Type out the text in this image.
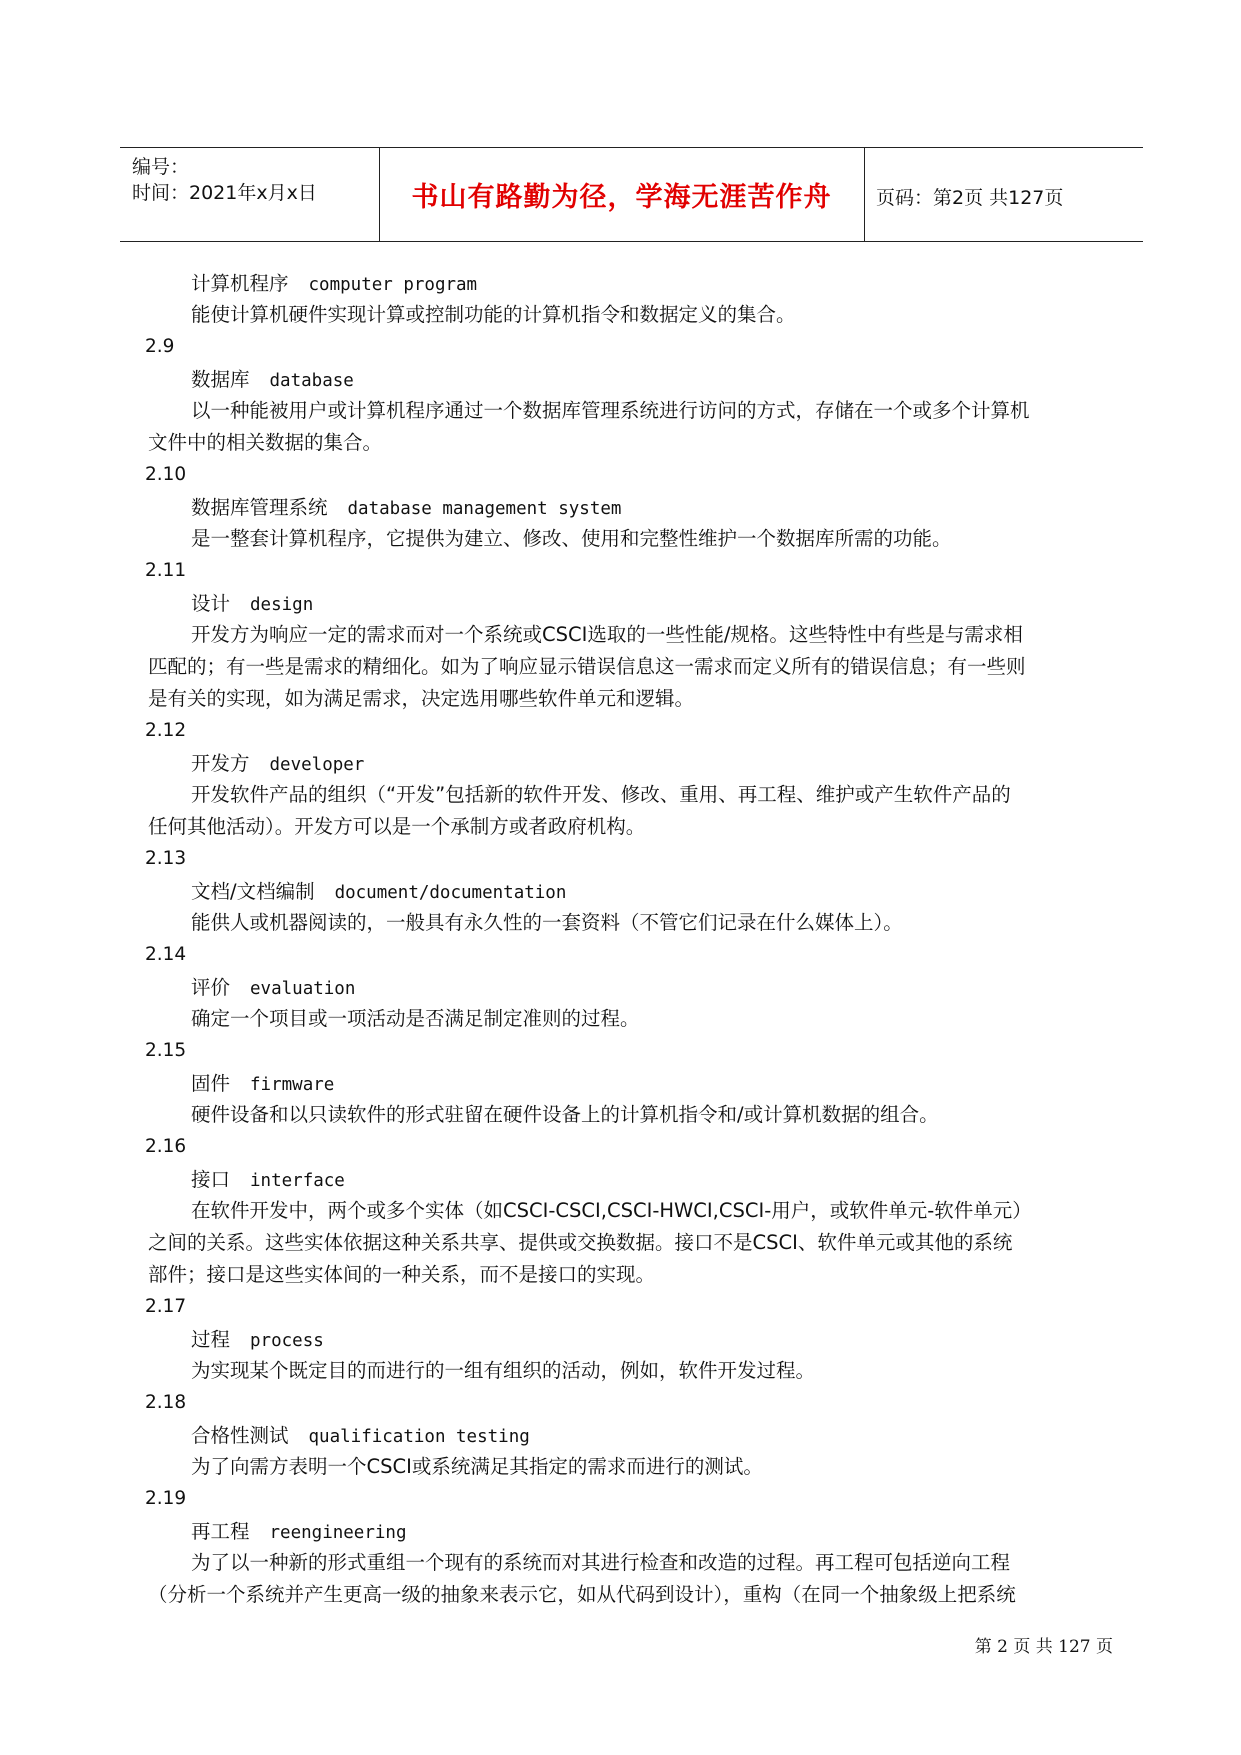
编号：
时间：2021年x月x日	书山有路勤为径，学海无涯苦作舟	页码：第2页 共127页
计算机程序 computer program
能使计算机硬件实现计算或控制功能的计算机指令和数据定义的集合。
2.9
数据库 database
以一种能被用户或计算机程序通过一个数据库管理系统进行访问的方式，存储在一个或多个计算机
文件中的相关数据的集合。
2.10
数据库管理系统 database management system
是一整套计算机程序，它提供为建立、修改、使用和完整性维护一个数据库所需的功能。
2.11
设计 design
开发方为响应一定的需求而对一个系统或CSCI选取的一些性能/规格。这些特性中有些是与需求相
匹配的；有一些是需求的精细化。如为了响应显示错误信息这一需求而定义所有的错误信息；有一些则
是有关的实现，如为满足需求，决定选用哪些软件单元和逻辑。
2.12
开发方 developer
开发软件产品的组织（“开发”包括新的软件开发、修改、重用、再工程、维护或产生软件产品的
任何其他活动）。开发方可以是一个承制方或者政府机构。
2.13
文档/文档编制 document/documentation
能供人或机器阅读的，一般具有永久性的一套资料（不管它们记录在什么媒体上）。
2.14
评价 evaluation
确定一个项目或一项活动是否满足制定准则的过程。
2.15
固件 firmware
硬件设备和以只读软件的形式驻留在硬件设备上的计算机指令和/或计算机数据的组合。
2.16
接口 interface
在软件开发中，两个或多个实体（如CSCI-CSCI,CSCI-HWCI,CSCI-用户，或软件单元-软件单元）
之间的关系。这些实体依据这种关系共享、提供或交换数据。接口不是CSCI、软件单元或其他的系统
部件；接口是这些实体间的一种关系，而不是接口的实现。
2.17
过程 process
为实现某个既定目的而进行的一组有组织的活动，例如，软件开发过程。
2.18
合格性测试 qualification testing
为了向需方表明一个CSCI或系统满足其指定的需求而进行的测试。
2.19
再工程 reengineering
为了以一种新的形式重组一个现有的系统而对其进行检查和改造的过程。再工程可包括逆向工程
（分析一个系统并产生更高一级的抽象来表示它，如从代码到设计），重构（在同一个抽象级上把系统
第 2 页 共 127 页
